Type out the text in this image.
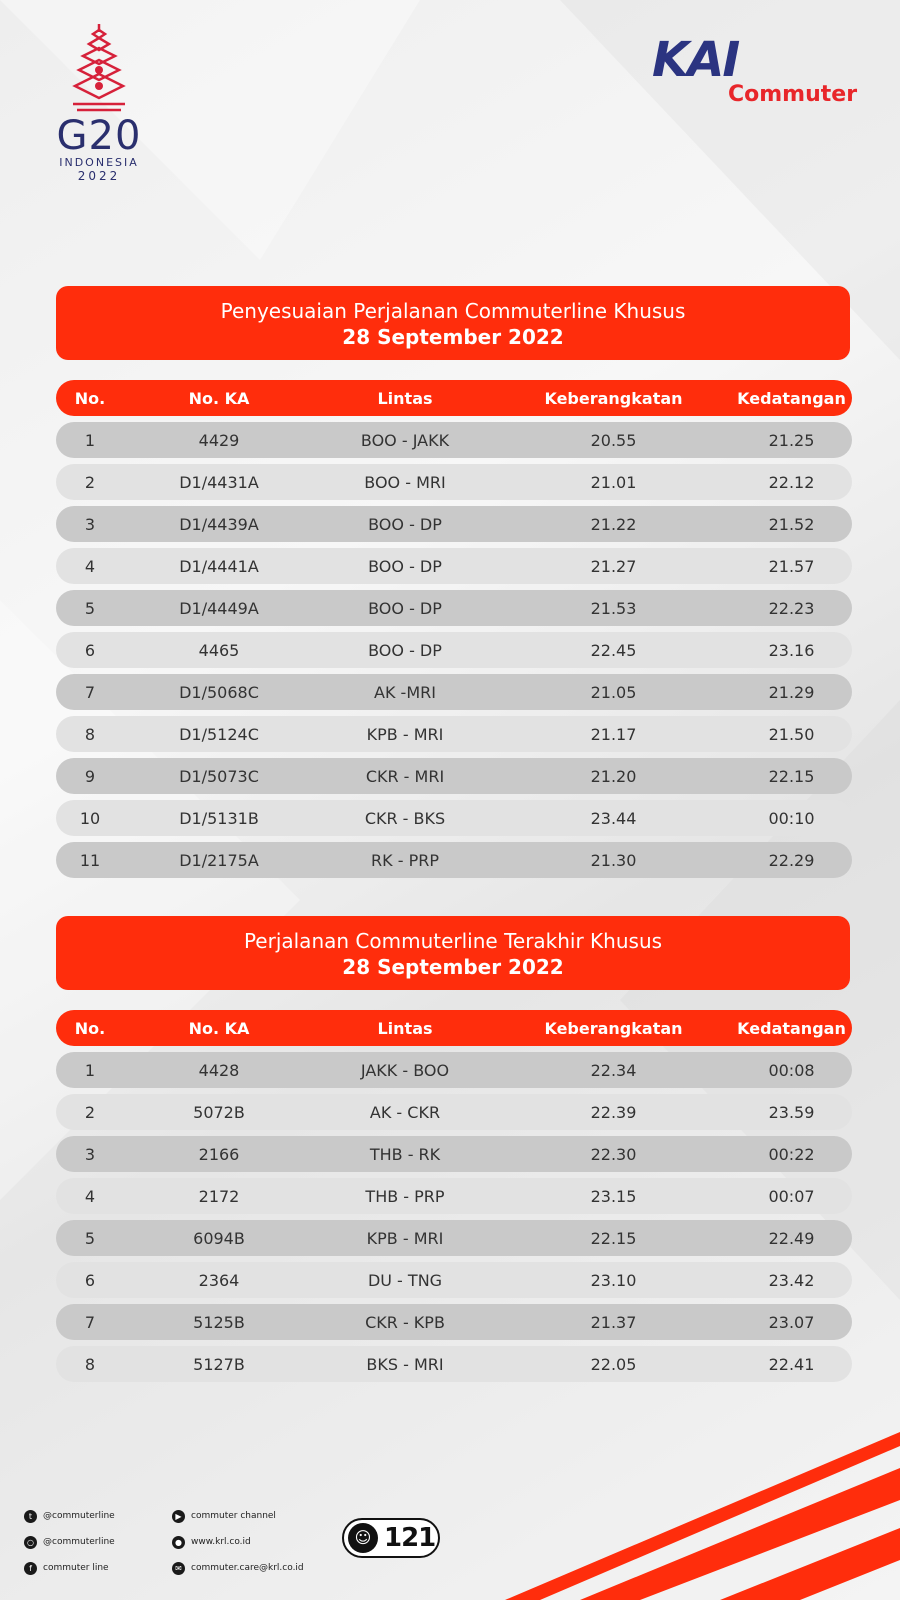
G20
INDONESIA
2022
KAI
Commuter
Penyesuaian Perjalanan Commuterline Khusus
28 September 2022
No.	No. KA	Lintas	Keberangkatan	Kedatangan
1	4429	BOO - JAKK	20.55	21.25
2	D1/4431A	BOO - MRI	21.01	22.12
3	D1/4439A	BOO - DP	21.22	21.52
4	D1/4441A	BOO - DP	21.27	21.57
5	D1/4449A	BOO - DP	21.53	22.23
6	4465	BOO - DP	22.45	23.16
7	D1/5068C	AK -MRI	21.05	21.29
8	D1/5124C	KPB - MRI	21.17	21.50
9	D1/5073C	CKR - MRI	21.20	22.15
10	D1/5131B	CKR - BKS	23.44	00:10
11	D1/2175A	RK - PRP	21.30	22.29
Perjalanan Commuterline Terakhir Khusus
28 September 2022
No.	No. KA	Lintas	Keberangkatan	Kedatangan
1	4428	JAKK - BOO	22.34	00:08
2	5072B	AK - CKR	22.39	23.59
3	2166	THB - RK	22.30	00:22
4	2172	THB - PRP	23.15	00:07
5	6094B	KPB - MRI	22.15	22.49
6	2364	DU - TNG	23.10	23.42
7	5125B	CKR - KPB	21.37	23.07
8	5127B	BKS - MRI	22.05	22.41
t	@commuterline
○	@commuterline
f	commuter line
▶	commuter channel
●	www.krl.co.id
✉	commuter.care@krl.co.id
☺ 121
